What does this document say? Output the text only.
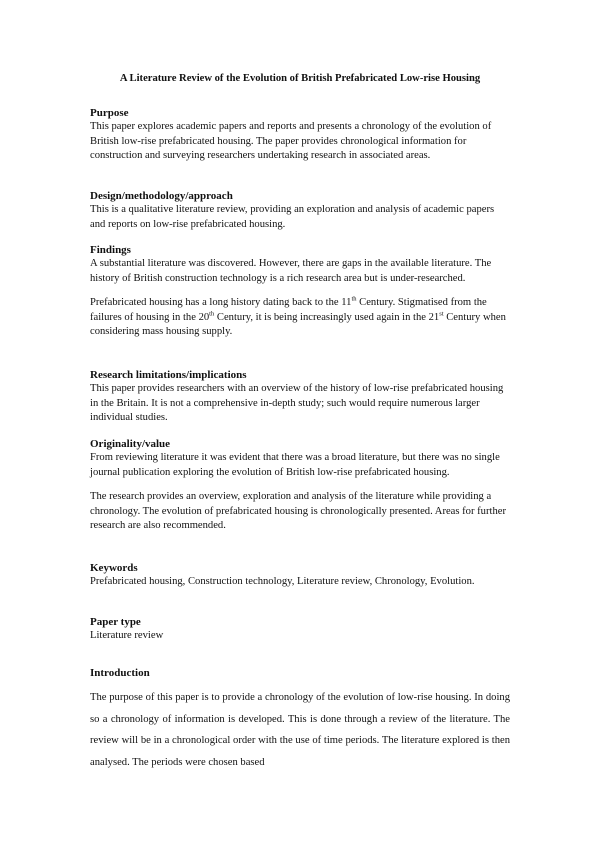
A Literature Review of the Evolution of British Prefabricated Low-rise Housing

Purpose

This paper explores academic papers and reports and presents a chronology of the evolution of British low-rise prefabricated housing. The paper provides chronological information for construction and surveying researchers undertaking research in associated areas.

Design/methodology/approach

This is a qualitative literature review, providing an exploration and analysis of academic papers and reports on low-rise prefabricated housing.

Findings

A substantial literature was discovered. However, there are gaps in the available literature. The history of British construction technology is a rich research area but is under-researched.

Prefabricated housing has a long history dating back to the 11th Century. Stigmatised from the failures of housing in the 20th Century, it is being increasingly used again in the 21st Century when considering mass housing supply.

Research limitations/implications

This paper provides researchers with an overview of the history of low-rise prefabricated housing in the Britain. It is not a comprehensive in-depth study; such would require numerous larger individual studies.

Originality/value

From reviewing literature it was evident that there was a broad literature, but there was no single journal publication exploring the evolution of British low-rise prefabricated housing.

The research provides an overview, exploration and analysis of the literature while providing a chronology. The evolution of prefabricated housing is chronologically presented. Areas for further research are also recommended.

Keywords

Prefabricated housing, Construction technology, Literature review, Chronology, Evolution.

Paper type

Literature review

Introduction

The purpose of this paper is to provide a chronology of the evolution of low-rise housing. In doing so a chronology of information is developed. This is done through a review of the literature. The review will be in a chronological order with the use of time periods. The literature explored is then analysed. The periods were chosen based
